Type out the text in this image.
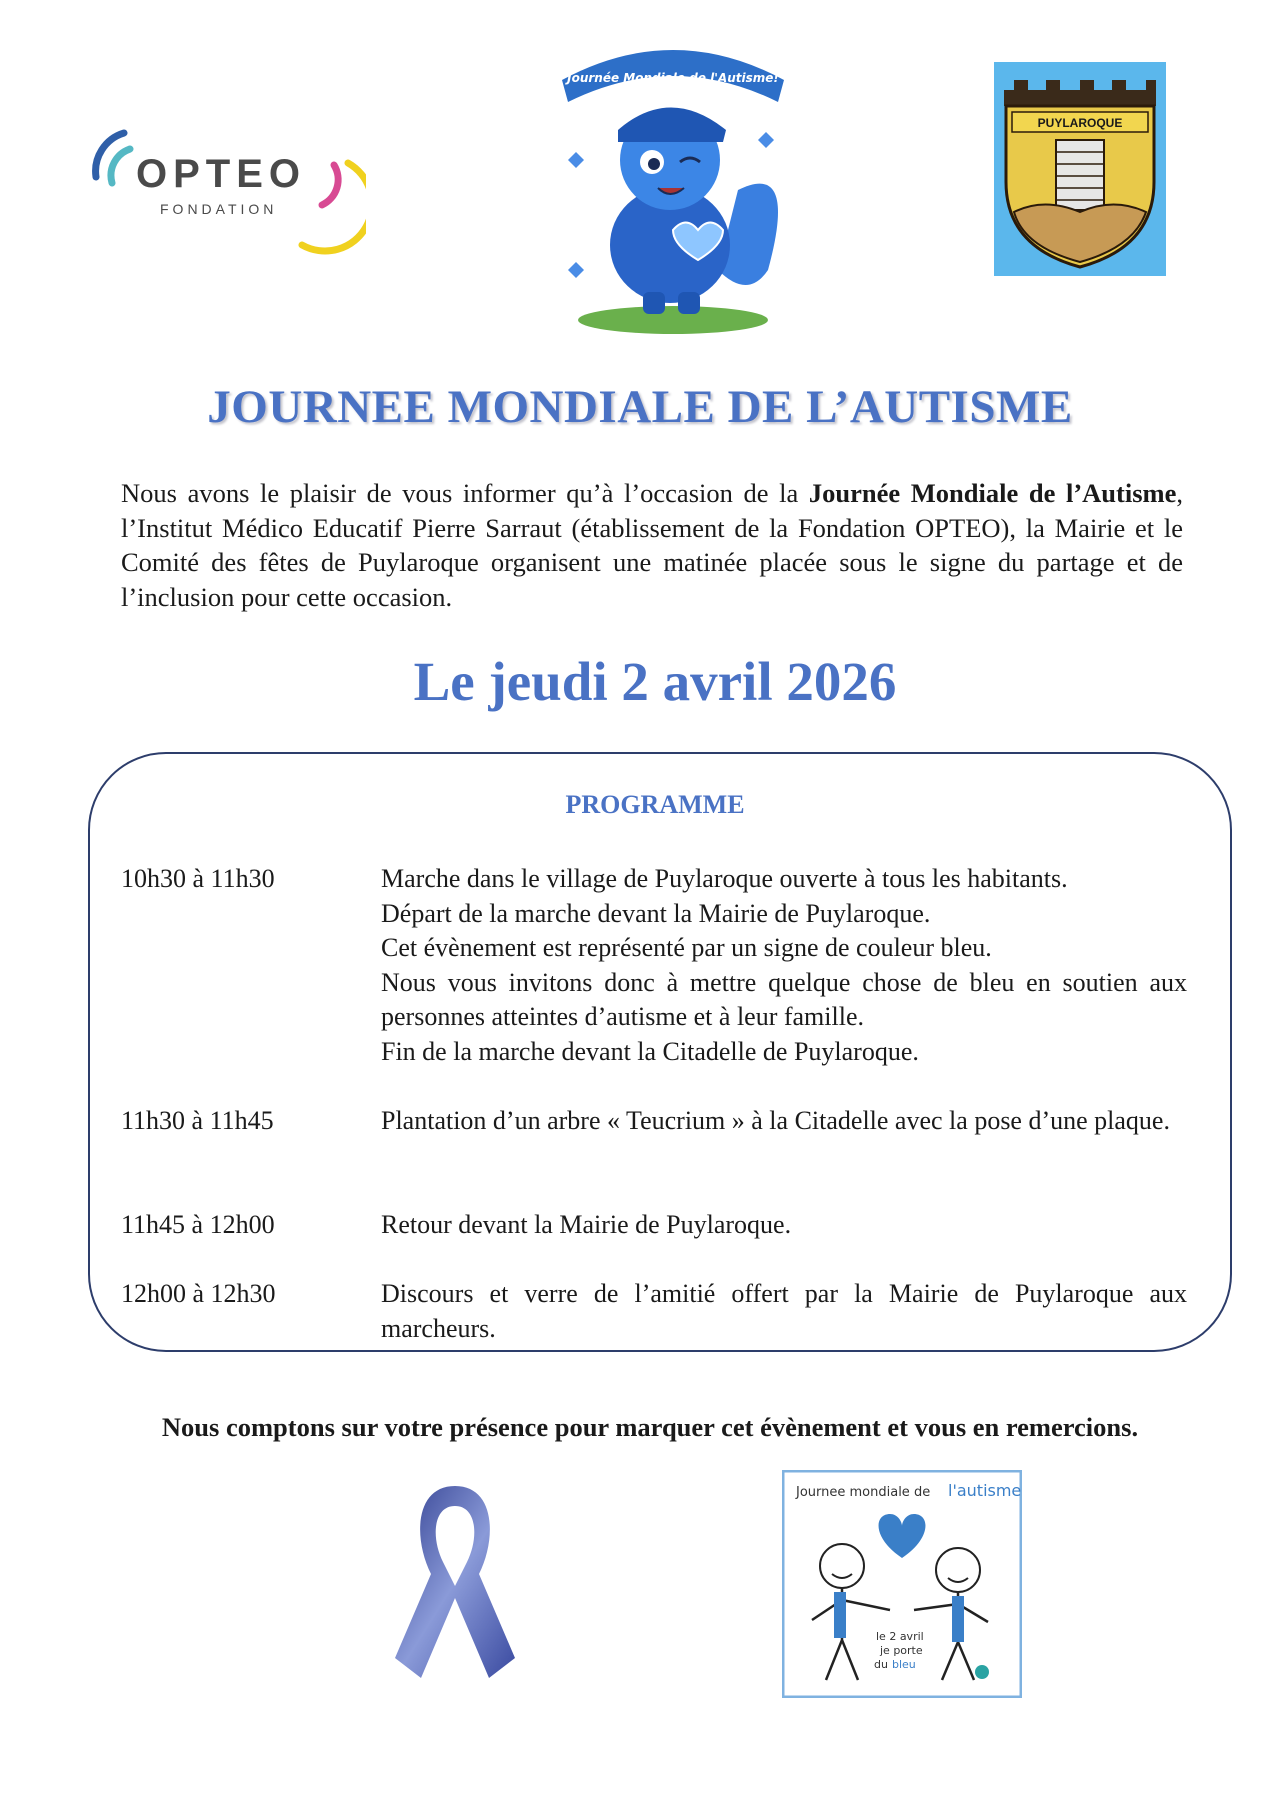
OPTEO
FONDATION
Journée Mondiale de l'Autisme!
PUYLAROQUE
JOURNEE MONDIALE DE L’AUTISME

Nous avons le plaisir de vous informer qu’à l’occasion de la Journée Mondiale de l’Autisme, l’Institut Médico Educatif Pierre Sarraut (établissement de la Fondation OPTEO), la Mairie et le Comité des fêtes de Puylaroque organisent une matinée placée sous le signe du partage et de l’inclusion pour cette occasion.

Le jeudi 2 avril 2026
PROGRAMME
10h30 à 11h30	Marche dans le village de Puylaroque ouverte à tous les habitants.
Départ de la marche devant la Mairie de Puylaroque.
Cet évènement est représenté par un signe de couleur bleu.
Nous vous invitons donc à mettre quelque chose de bleu en soutien aux personnes atteintes d’autisme et à leur famille.
Fin de la marche devant la Citadelle de Puylaroque.
11h30 à 11h45	Plantation d’un arbre « Teucrium » à la Citadelle avec la pose d’une plaque.
11h45 à 12h00	Retour devant la Mairie de Puylaroque.
12h00 à 12h30	Discours et verre de l’amitié offert par la Mairie de Puylaroque aux marcheurs.

Nous comptons sur votre présence pour marquer cet évènement et vous en remercions.

Journee mondiale de l'autisme
le 2 avril
je porte
du bleu
